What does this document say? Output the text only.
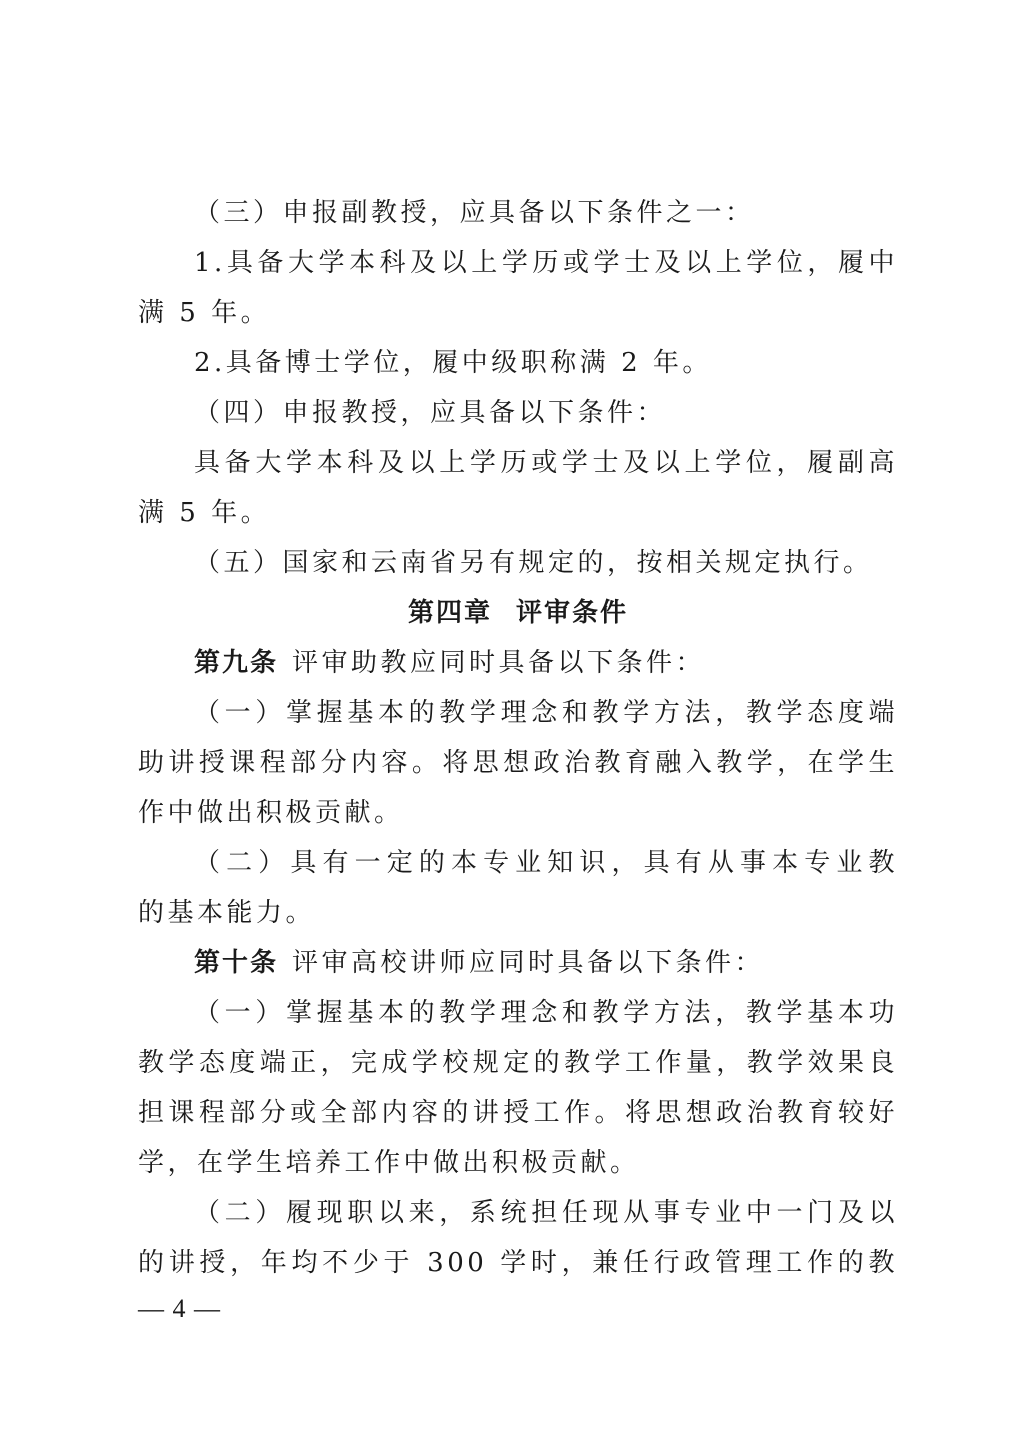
（三）申报副教授，应具备以下条件之一：
1.具备大学本科及以上学历或学士及以上学位，履中
满 5 年。
2.具备博士学位，履中级职称满 2 年。
（四）申报教授，应具备以下条件：
具备大学本科及以上学历或学士及以上学位，履副高
满 5 年。
（五）国家和云南省另有规定的，按相关规定执行。
第四章 评审条件
第九条 评审助教应同时具备以下条件：
（一）掌握基本的教学理念和教学方法，教学态度端
助讲授课程部分内容。将思想政治教育融入教学，在学生
作中做出积极贡献。
（二）具有一定的本专业知识，具有从事本专业教
的基本能力。
第十条 评审高校讲师应同时具备以下条件：
（一）掌握基本的教学理念和教学方法，教学基本功
教学态度端正，完成学校规定的教学工作量，教学效果良
担课程部分或全部内容的讲授工作。将思想政治教育较好
学，在学生培养工作中做出积极贡献。
（二）履现职以来，系统担任现从事专业中一门及以
的讲授，年均不少于 300 学时，兼任行政管理工作的教
— 4 —
